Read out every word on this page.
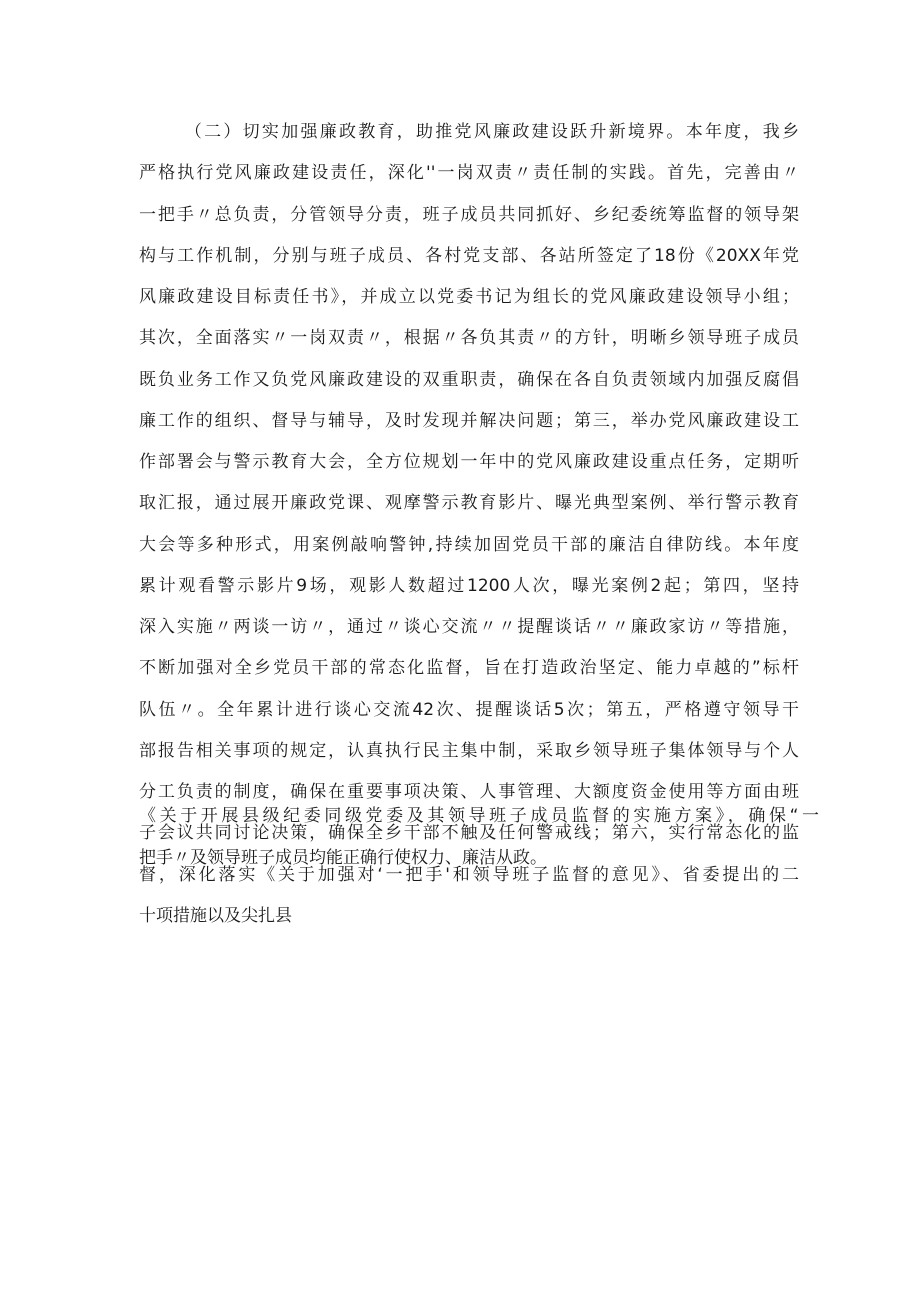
（二）切实加强廉政教育，助推党风廉政建设跃升新境界。本年度，我乡
严格执行党风廉政建设责任，深化''一岗双责〃责任制的实践。首先，完善由〃
一把手〃总负责，分管领导分责，班子成员共同抓好、乡纪委统筹监督的领导架
构与工作机制，分别与班子成员、各村党支部、各站所签定了18份《20XX年党
风廉政建设目标责任书》，并成立以党委书记为组长的党风廉政建设领导小组；
其次，全面落实〃一岗双责〃，根据〃各负其责〃的方针，明晰乡领导班子成员
既负业务工作又负党风廉政建设的双重职责，确保在各自负责领域内加强反腐倡
廉工作的组织、督导与辅导，及时发现并解决问题；第三，举办党风廉政建设工
作部署会与警示教育大会，全方位规划一年中的党风廉政建设重点任务，定期听
取汇报，通过展开廉政党课、观摩警示教育影片、曝光典型案例、举行警示教育
大会等多种形式，用案例敲响警钟,持续加固党员干部的廉洁自律防线。本年度
累计观看警示影片9场，观影人数超过1200人次，曝光案例2起；第四，坚持
深入实施〃两谈一访〃，通过〃谈心交流〃〃提醒谈话〃〃廉政家访〃等措施，
不断加强对全乡党员干部的常态化监督，旨在打造政治坚定、能力卓越的”标杆
队伍〃。全年累计进行谈心交流42次、提醒谈话5次；第五，严格遵守领导干
部报告相关事项的规定，认真执行民主集中制，采取乡领导班子集体领导与个人
分工负责的制度，确保在重要事项决策、人事管理、大额度资金使用等方面由班
子会议共同讨论决策，确保全乡干部不触及任何警戒线；第六，实行常态化的监
督，深化落实《关于加强对‘一把手'和领导班子监督的意见》、省委提出的二
十项措施以及尖扎县
《关于开展县级纪委同级党委及其领导班子成员监督的实施方案》，确保“一
把手〃及领导班子成员均能正确行使权力、廉洁从政。
